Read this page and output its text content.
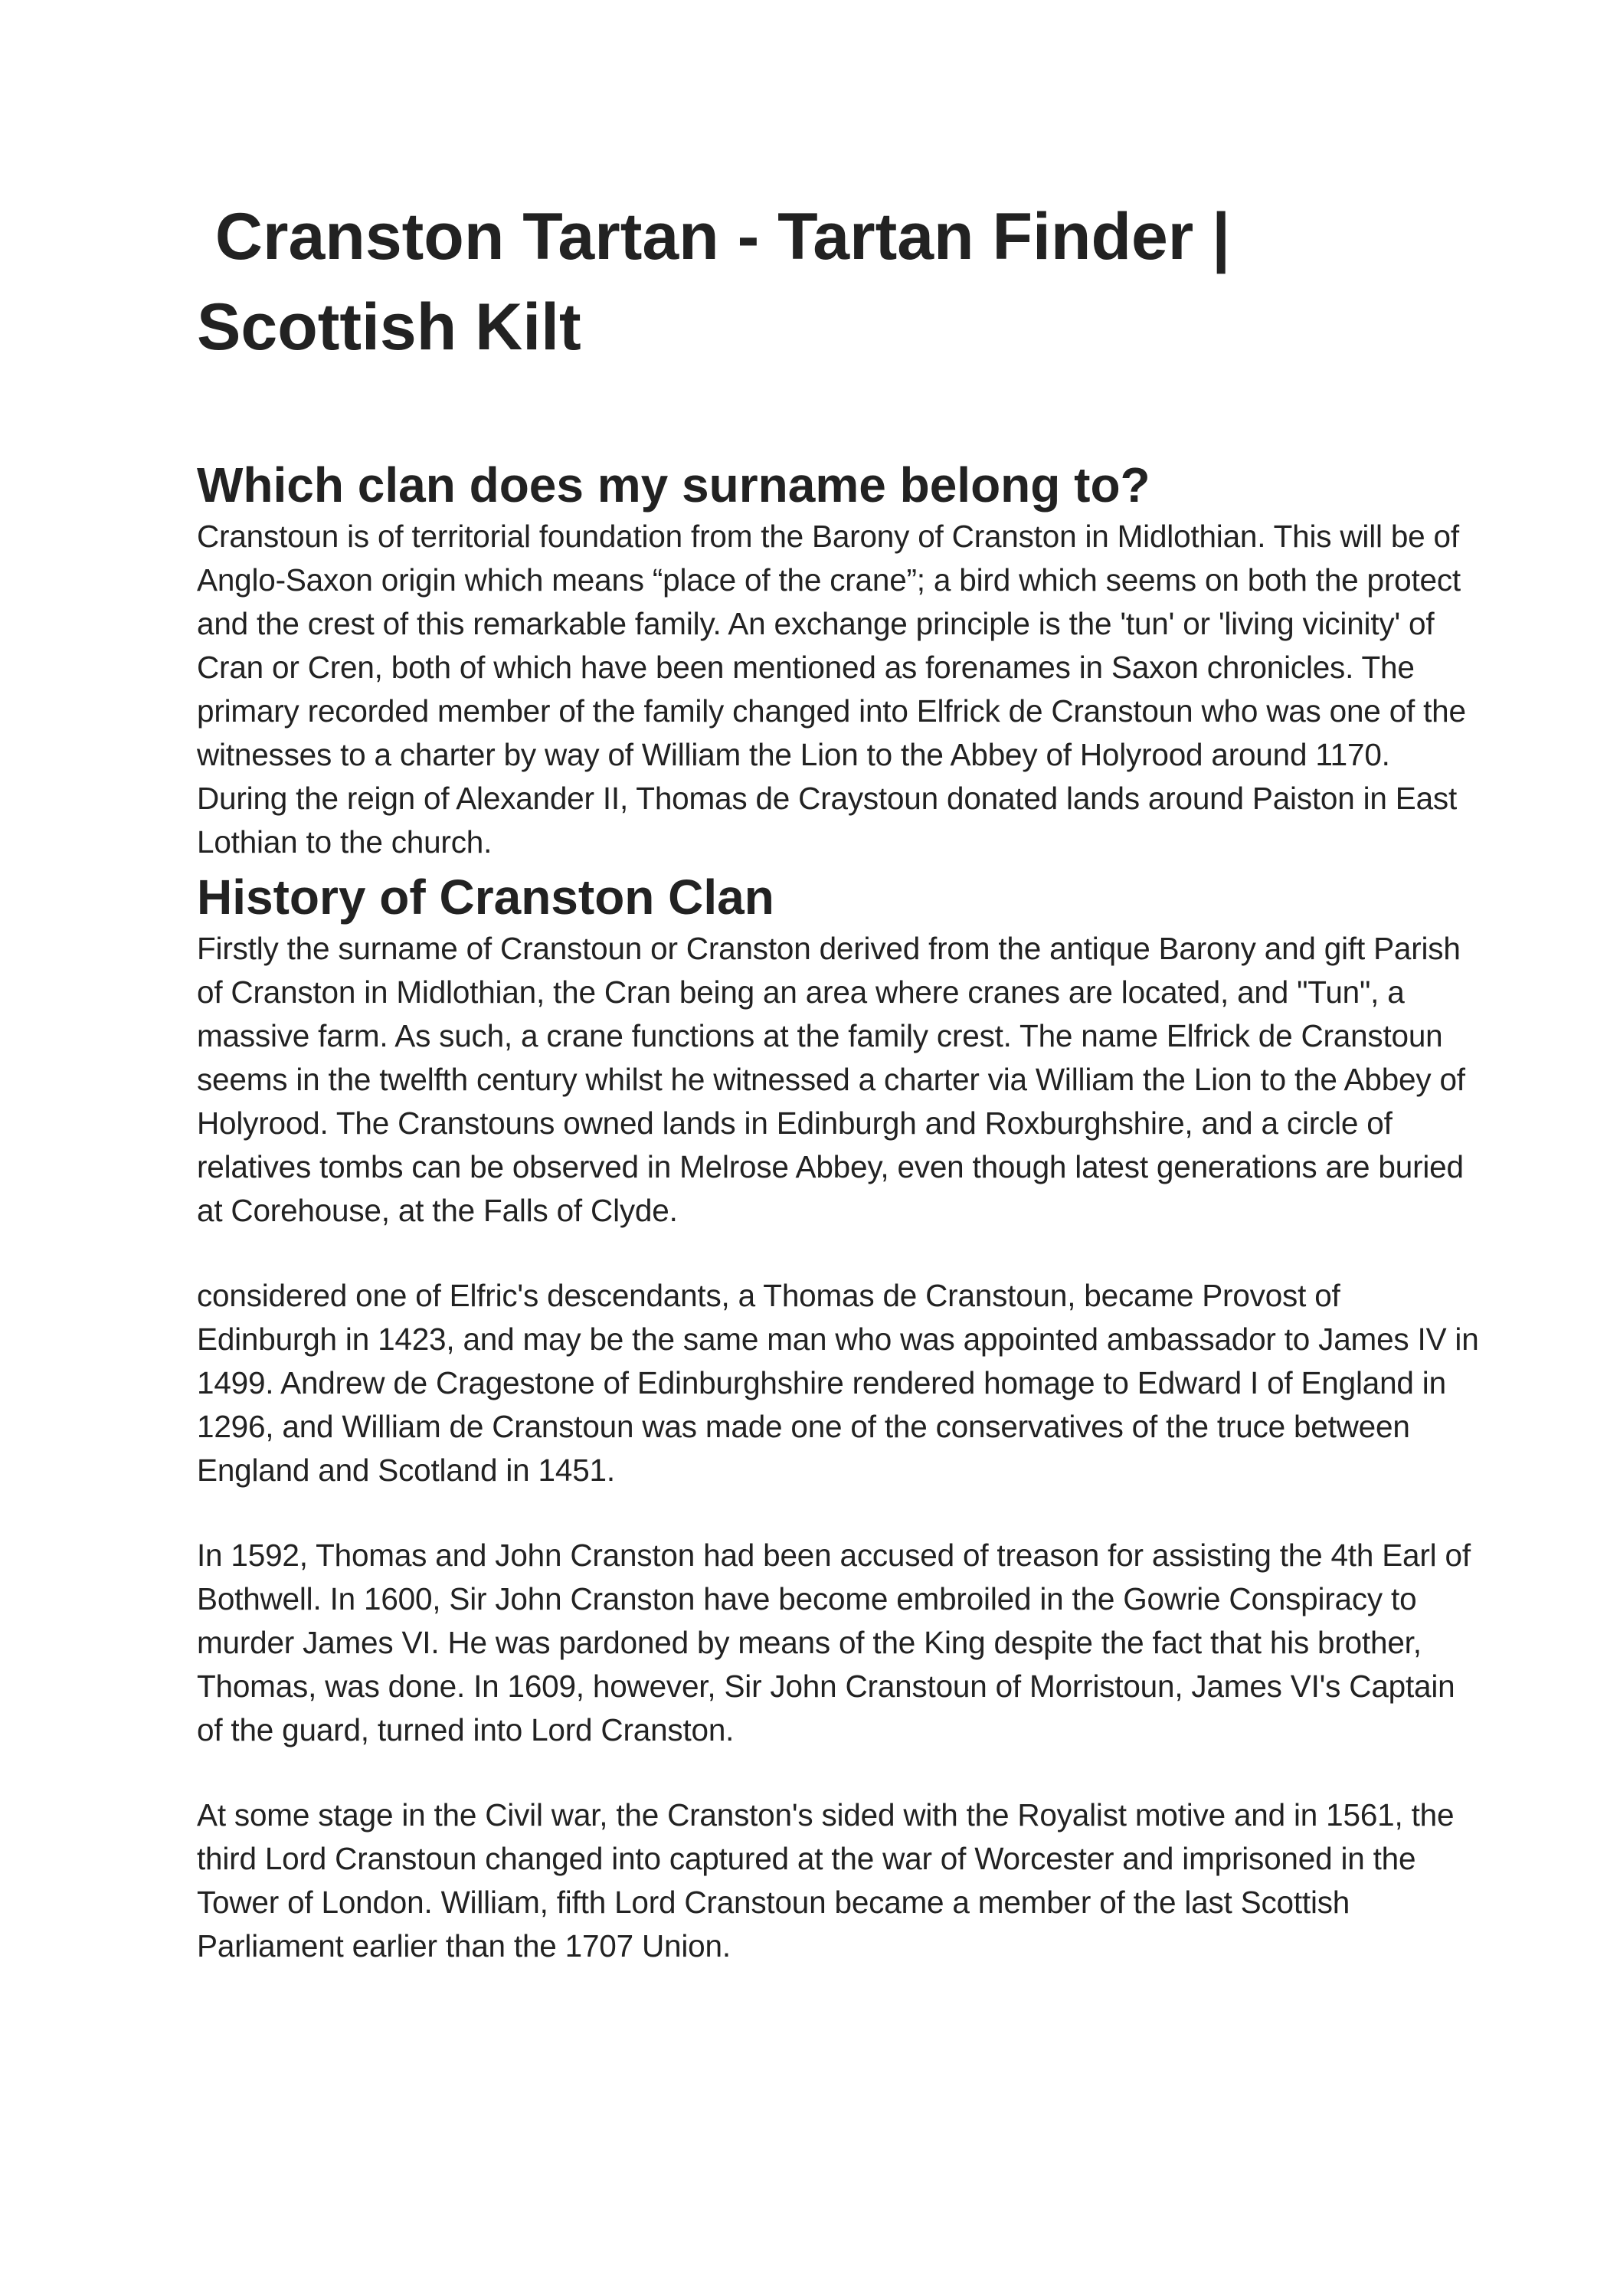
Cranston Tartan - Tartan Finder | Scottish Kilt
Which clan does my surname belong to?

Cranstoun is of territorial foundation from the Barony of Cranston in Midlothian. This will be of Anglo-Saxon origin which means “place of the crane”; a bird which seems on both the protect and the crest of this remarkable family. An exchange principle is the 'tun' or 'living vicinity' of Cran or Cren, both of which have been mentioned as forenames in Saxon chronicles. The primary recorded member of the family changed into Elfrick de Cranstoun who was one of the witnesses to a charter by way of William the Lion to the Abbey of Holyrood around 1170. During the reign of Alexander II, Thomas de Craystoun donated lands around Paiston in East Lothian to the church.

History of Cranston Clan

Firstly the surname of Cranstoun or Cranston derived from the antique Barony and gift Parish of Cranston in Midlothian, the Cran being an area where cranes are located, and "Tun", a massive farm. As such, a crane functions at the family crest. The name Elfrick de Cranstoun seems in the twelfth century whilst he witnessed a charter via William the Lion to the Abbey of Holyrood. The Cranstouns owned lands in Edinburgh and Roxburghshire, and a circle of relatives tombs can be observed in Melrose Abbey, even though latest generations are buried at Corehouse, at the Falls of Clyde.

considered one of Elfric's descendants, a Thomas de Cranstoun, became Provost of Edinburgh in 1423, and may be the same man who was appointed ambassador to James IV in 1499. Andrew de Cragestone of Edinburghshire rendered homage to Edward I of England in 1296, and William de Cranstoun was made one of the conservatives of the truce between England and Scotland in 1451.

In 1592, Thomas and John Cranston had been accused of treason for assisting the 4th Earl of Bothwell. In 1600, Sir John Cranston have become embroiled in the Gowrie Conspiracy to murder James VI. He was pardoned by means of the King despite the fact that his brother, Thomas, was done. In 1609, however, Sir John Cranstoun of Morristoun, James VI's Captain of the guard, turned into Lord Cranston.

At some stage in the Civil war, the Cranston's sided with the Royalist motive and in 1561, the third Lord Cranstoun changed into captured at the war of Worcester and imprisoned in the Tower of London. William, fifth Lord Cranstoun became a member of the last Scottish Parliament earlier than the 1707 Union.
